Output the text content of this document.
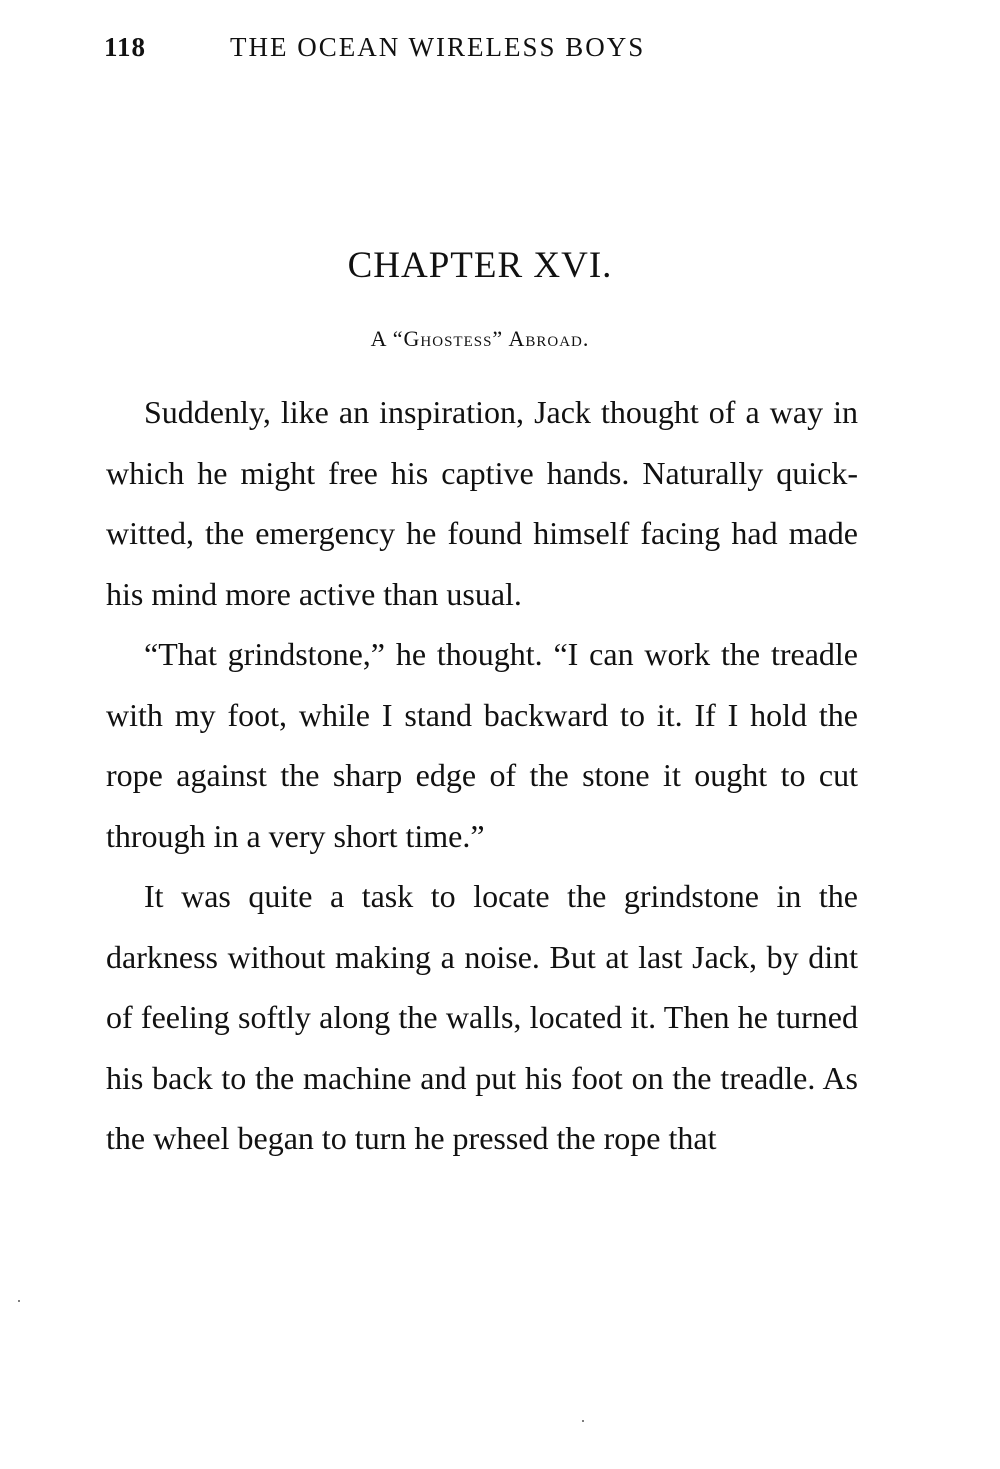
118	THE OCEAN WIRELESS BOYS
CHAPTER XVI.
A “Ghostess” Abroad.

Suddenly, like an inspiration, Jack thought of a way in which he might free his captive hands. Naturally quick-witted, the emergency he found himself facing had made his mind more active than usual.

“That grindstone,” he thought. “I can work the treadle with my foot, while I stand backward to it. If I hold the rope against the sharp edge of the stone it ought to cut through in a very short time.”

It was quite a task to locate the grindstone in the darkness without making a noise. But at last Jack, by dint of feeling softly along the walls, located it. Then he turned his back to the machine and put his foot on the treadle. As the wheel began to turn he pressed the rope that
